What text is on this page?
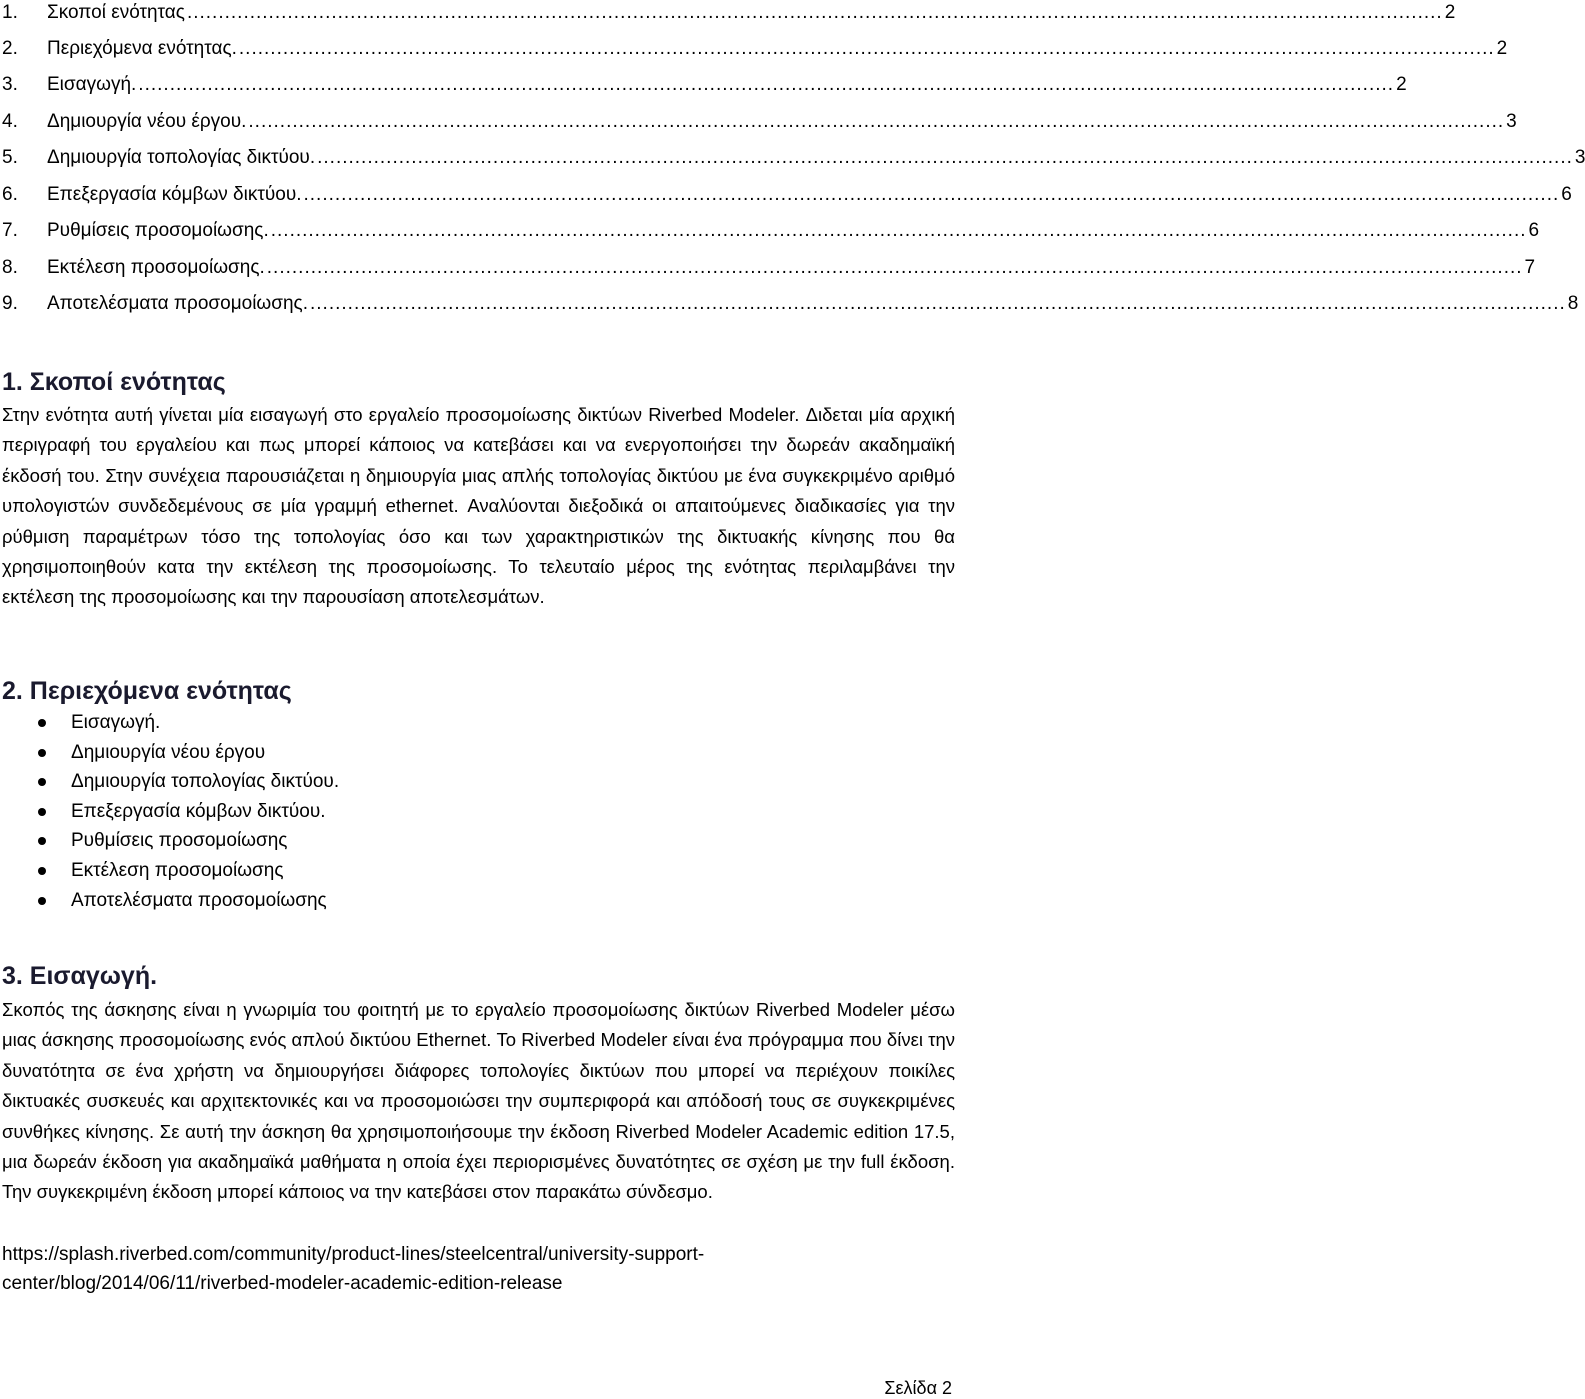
1.	Σκοποί ενότητας ........................................................................................................................................................................................................ 2
2.	Περιεχόμενα ενότητας. ........................................................................................................................................................................................................ 2
3.	Εισαγωγή. ........................................................................................................................................................................................................ 2
4.	Δημιουργία νέου έργου. ........................................................................................................................................................................................................ 3
5.	Δημιουργία τοπολογίας δικτύου. ........................................................................................................................................................................................................ 3
6.	Επεξεργασία κόμβων δικτύου. ........................................................................................................................................................................................................ 6
7.	Ρυθμίσεις προσομοίωσης. ........................................................................................................................................................................................................ 6
8.	Εκτέλεση προσομοίωσης. ........................................................................................................................................................................................................ 7
9.	Αποτελέσματα προσομοίωσης. ........................................................................................................................................................................................................ 8
1. Σκοποί ενότητας

Στην ενότητα αυτή γίνεται μία εισαγωγή στο εργαλείο προσομοίωσης δικτύων Riverbed Modeler. Διδεται μία αρχική περιγραφή του εργαλείου και πως μπορεί κάποιος να κατεβάσει και να ενεργοποιήσει την δωρεάν ακαδημαϊκή έκδοσή του. Στην συνέχεια παρουσιάζεται η δημιουργία μιας απλής τοπολογίας δικτύου με ένα συγκεκριμένο αριθμό υπολογιστών συνδεδεμένους σε μία γραμμή ethernet. Αναλύονται διεξοδικά οι απαιτούμενες διαδικασίες για την ρύθμιση παραμέτρων τόσο της τοπολογίας όσο και των χαρακτηριστικών της δικτυακής κίνησης που θα χρησιμοποιηθούν κατα την εκτέλεση της προσομοίωσης. Το τελευταίο μέρος της ενότητας περιλαμβάνει την εκτέλεση της προσομοίωσης και την παρουσίαση αποτελεσμάτων.

2. Περιεχόμενα ενότητας
Εισαγωγή.
Δημιουργία νέου έργου
Δημιουργία τοπολογίας δικτύου.
Επεξεργασία κόμβων δικτύου.
Ρυθμίσεις προσομοίωσης
Εκτέλεση προσομοίωσης
Αποτελέσματα προσομοίωσης
3. Εισαγωγή.

Σκοπός της άσκησης είναι η γνωριμία του φοιτητή με το εργαλείο προσομοίωσης δικτύων Riverbed Modeler μέσω μιας άσκησης προσομοίωσης ενός απλού δικτύου Ethernet. Το Riverbed Modeler είναι ένα πρόγραμμα που δίνει την δυνατότητα σε ένα χρήστη να δημιουργήσει διάφορες τοπολογίες δικτύων που μπορεί να περιέχουν ποικίλες δικτυακές συσκευές και αρχιτεκτονικές και να προσομοιώσει την συμπεριφορά και απόδοσή τους σε συγκεκριμένες συνθήκες κίνησης. Σε αυτή την άσκηση θα χρησιμοποιήσουμε την έκδοση Riverbed Modeler Academic edition 17.5, μια δωρεάν έκδοση για ακαδημαϊκά μαθήματα η οποία έχει περιορισμένες δυνατότητες σε σχέση με την full έκδοση. Την συγκεκριμένη έκδοση μπορεί κάποιος να την κατεβάσει στον παρακάτω σύνδεσμο.

https://splash.riverbed.com/community/product-lines/steelcentral/university-support-

center/blog/2014/06/11/riverbed-modeler-academic-edition-release

Σελίδα 2
